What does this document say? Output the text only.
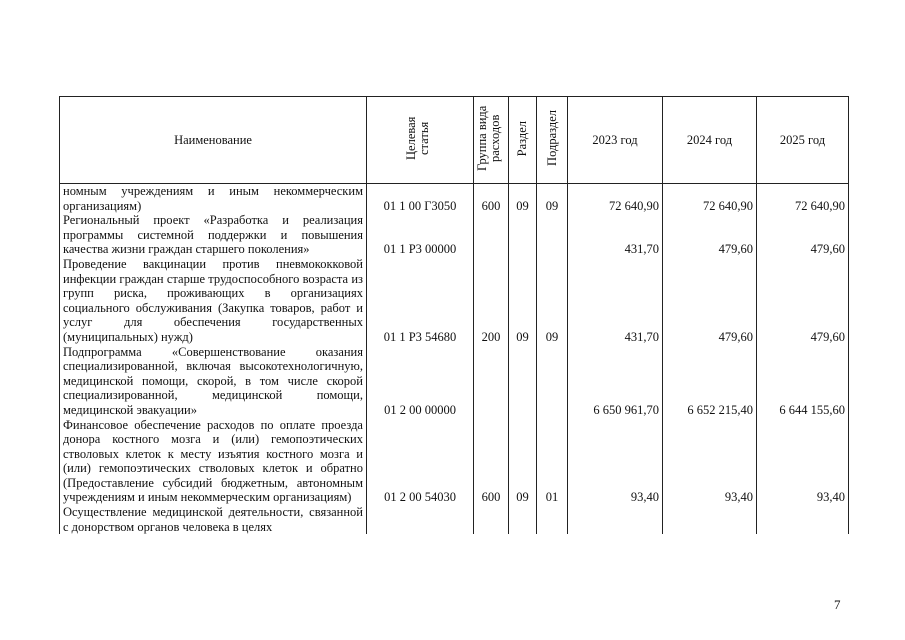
Наименование	Целевая статья	Группа вида расходов	Раздел	Подраздел	2023 год	2024 год	2025 год
номным учреждениям и иным некоммерческим организациям)	01 1 00 Г3050	600	09	09	72 640,90	72 640,90	72 640,90
Региональный проект «Разработка и реализация программы системной поддержки и повышения качества жизни граждан старшего поколения»	01 1 Р3 00000				431,70	479,60	479,60
Проведение вакцинации против пневмококковой инфекции граждан старше трудоспособного возраста из групп риска, проживающих в организациях социального обслуживания (Закупка товаров, работ и услуг для обеспечения государственных (муниципальных) нужд)	01 1 Р3 54680	200	09	09	431,70	479,60	479,60
Подпрограмма «Совершенствование оказания специализированной, включая высокотехнологичную, медицинской помощи, скорой, в том числе скорой специализированной, медицинской помощи, медицинской эвакуации»	01 2 00 00000				6 650 961,70	6 652 215,40	6 644 155,60
Финансовое обеспечение расходов по оплате проезда донора костного мозга и (или) гемопоэтических стволовых клеток к месту изъятия костного мозга и (или) гемопоэтических стволовых клеток и обратно (Предоставление субсидий бюджетным, автономным учреждениям и иным некоммерческим организациям)	01 2 00 54030	600	09	01	93,40	93,40	93,40
Осуществление медицинской деятельности, связанной с донорством органов человека в целях							
7
